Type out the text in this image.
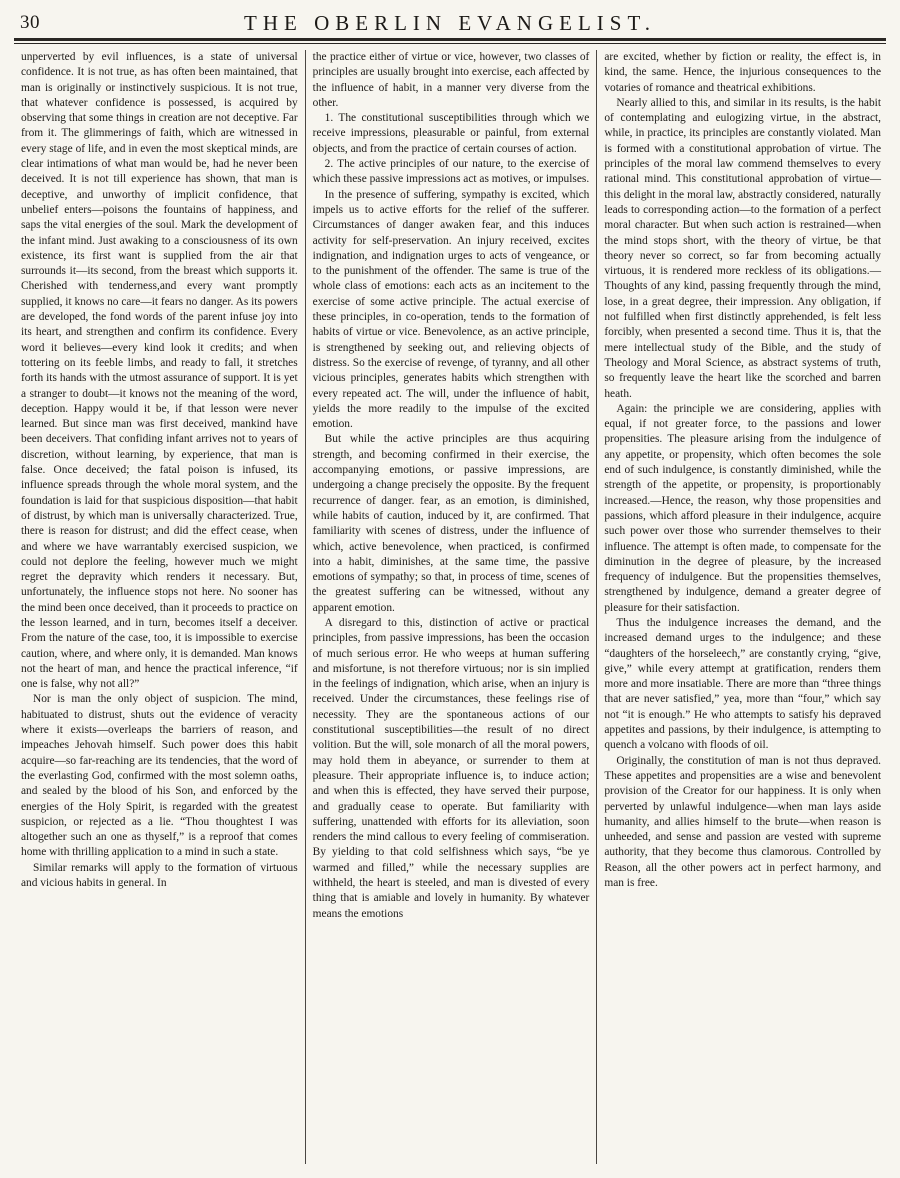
30	THE OBERLIN EVANGELIST.

unperverted by evil influences, is a state of universal confidence. It is not true, as has often been maintained, that man is originally or instinctively suspicious. It is not true, that whatever confidence is possessed, is acquired by observing that some things in creation are not deceptive. Far from it. The glimmerings of faith, which are witnessed in every stage of life, and in even the most skeptical minds, are clear intimations of what man would be, had he never been deceived. It is not till experience has shown, that man is deceptive, and unworthy of implicit confidence, that unbelief enters—poisons the fountains of happiness, and saps the vital energies of the soul. Mark the development of the infant mind. Just awaking to a consciousness of its own existence, its first want is supplied from the air that surrounds it—its second, from the breast which supports it. Cherished with tenderness,and every want promptly supplied, it knows no care—it fears no danger. As its powers are developed, the fond words of the parent infuse joy into its heart, and strengthen and confirm its confidence. Every word it believes—every kind look it credits; and when tottering on its feeble limbs, and ready to fall, it stretches forth its hands with the utmost assurance of support. It is yet a stranger to doubt—it knows not the meaning of the word, deception. Happy would it be, if that lesson were never learned. But since man was first deceived, mankind have been deceivers. That confiding infant arrives not to years of discretion, without learning, by experience, that man is false. Once deceived; the fatal poison is infused, its influence spreads through the whole moral system, and the foundation is laid for that suspicious disposition—that habit of distrust, by which man is universally characterized. True, there is reason for distrust; and did the effect cease, when and where we have warrantably exercised suspicion, we could not deplore the feeling, however much we might regret the depravity which renders it necessary. But, unfortunately, the influence stops not here. No sooner has the mind been once deceived, than it proceeds to practice on the lesson learned, and in turn, becomes itself a deceiver. From the nature of the case, too, it is impossible to exercise caution, where, and where only, it is demanded. Man knows not the heart of man, and hence the practical inference, “if one is false, why not all?”

Nor is man the only object of suspicion. The mind, habituated to distrust, shuts out the evidence of veracity where it exists—overleaps the barriers of reason, and impeaches Jehovah himself. Such power does this habit acquire—so far-reaching are its tendencies, that the word of the everlasting God, confirmed with the most solemn oaths, and sealed by the blood of his Son, and enforced by the energies of the Holy Spirit, is regarded with the greatest suspicion, or rejected as a lie. “Thou thoughtest I was altogether such an one as thyself,” is a reproof that comes home with thrilling application to a mind in such a state.

Similar remarks will apply to the formation of virtuous and vicious habits in general. In

the practice either of virtue or vice, however, two classes of principles are usually brought into exercise, each affected by the influence of habit, in a manner very diverse from the other.

1. The constitutional susceptibilities through which we receive impressions, pleasurable or painful, from external objects, and from the practice of certain courses of action.

2. The active principles of our nature, to the exercise of which these passive impressions act as motives, or impulses.

In the presence of suffering, sympathy is excited, which impels us to active efforts for the relief of the sufferer. Circumstances of danger awaken fear, and this induces activity for self-preservation. An injury received, excites indignation, and indignation urges to acts of vengeance, or to the punishment of the offender. The same is true of the whole class of emotions: each acts as an incitement to the exercise of some active principle. The actual exercise of these principles, in co-operation, tends to the formation of habits of virtue or vice. Benevolence, as an active principle, is strengthened by seeking out, and relieving objects of distress. So the exercise of revenge, of tyranny, and all other vicious principles, generates habits which strengthen with every repeated act. The will, under the influence of habit, yields the more readily to the impulse of the excited emotion.

But while the active principles are thus acquiring strength, and becoming confirmed in their exercise, the accompanying emotions, or passive impressions, are undergoing a change precisely the opposite. By the frequent recurrence of danger. fear, as an emotion, is diminished, while habits of caution, induced by it, are confirmed. That familiarity with scenes of distress, under the influence of which, active benevolence, when practiced, is confirmed into a habit, diminishes, at the same time, the passive emotions of sympathy; so that, in process of time, scenes of the greatest suffering can be witnessed, without any apparent emotion.

A disregard to this, distinction of active or practical principles, from passive impressions, has been the occasion of much serious error. He who weeps at human suffering and misfortune, is not therefore virtuous; nor is sin implied in the feelings of indignation, which arise, when an injury is received. Under the circumstances, these feelings rise of necessity. They are the spontaneous actions of our constitutional susceptibilities—the result of no direct volition. But the will, sole monarch of all the moral powers, may hold them in abeyance, or surrender to them at pleasure. Their appropriate influence is, to induce action; and when this is effected, they have served their purpose, and gradually cease to operate. But familiarity with suffering, unattended with efforts for its alleviation, soon renders the mind callous to every feeling of commiseration. By yielding to that cold selfishness which says, “be ye warmed and filled,” while the necessary supplies are withheld, the heart is steeled, and man is divested of every thing that is amiable and lovely in humanity. By whatever means the emotions

are excited, whether by fiction or reality, the effect is, in kind, the same. Hence, the injurious consequences to the votaries of romance and theatrical exhibitions.

Nearly allied to this, and similar in its results, is the habit of contemplating and eulogizing virtue, in the abstract, while, in practice, its principles are constantly violated. Man is formed with a constitutional approbation of virtue. The principles of the moral law commend themselves to every rational mind. This constitutional approbation of virtue—this delight in the moral law, abstractly considered, naturally leads to corresponding action—to the formation of a perfect moral character. But when such action is restrained—when the mind stops short, with the theory of virtue, be that theory never so correct, so far from becoming actually virtuous, it is rendered more reckless of its obligations.—Thoughts of any kind, passing frequently through the mind, lose, in a great degree, their impression. Any obligation, if not fulfilled when first distinctly apprehended, is felt less forcibly, when presented a second time. Thus it is, that the mere intellectual study of the Bible, and the study of Theology and Moral Science, as abstract systems of truth, so frequently leave the heart like the scorched and barren heath.

Again: the principle we are considering, applies with equal, if not greater force, to the passions and lower propensities. The pleasure arising from the indulgence of any appetite, or propensity, which often becomes the sole end of such indulgence, is constantly diminished, while the strength of the appetite, or propensity, is proportionably increased.—Hence, the reason, why those propensities and passions, which afford pleasure in their indulgence, acquire such power over those who surrender themselves to their influence. The attempt is often made, to compensate for the diminution in the degree of pleasure, by the increased frequency of indulgence. But the propensities themselves, strengthened by indulgence, demand a greater degree of pleasure for their satisfaction.

Thus the indulgence increases the demand, and the increased demand urges to the indulgence; and these “daughters of the horseleech,” are constantly crying, “give, give,” while every attempt at gratification, renders them more and more insatiable. There are more than “three things that are never satisfied,” yea, more than “four,” which say not “it is enough.” He who attempts to satisfy his depraved appetites and passions, by their indulgence, is attempting to quench a volcano with floods of oil.

Originally, the constitution of man is not thus depraved. These appetites and propensities are a wise and benevolent provision of the Creator for our happiness. It is only when perverted by unlawful indulgence—when man lays aside humanity, and allies himself to the brute—when reason is unheeded, and sense and passion are vested with supreme authority, that they become thus clamorous. Controlled by Reason, all the other powers act in perfect harmony, and man is free.
